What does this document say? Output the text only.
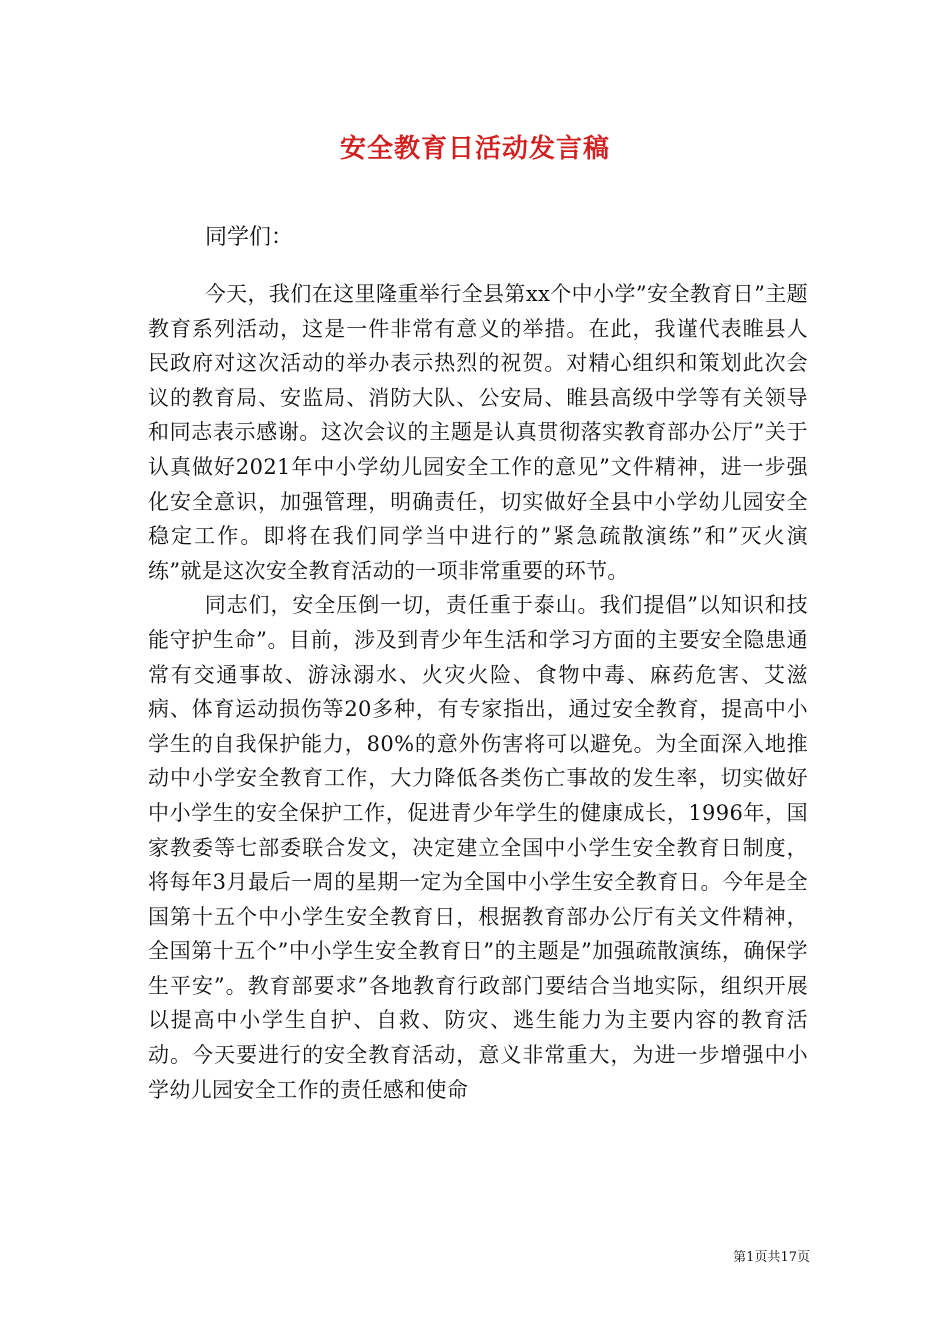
安全教育日活动发言稿
同学们：

今天，我们在这里隆重举行全县第xx个中小学”安全教育日”主题教育系列活动，这是一件非常有意义的举措。在此，我谨代表睢县人民政府对这次活动的举办表示热烈的祝贺。对精心组织和策划此次会议的教育局、安监局、消防大队、公安局、睢县高级中学等有关领导和同志表示感谢。这次会议的主题是认真贯彻落实教育部办公厅”关于认真做好2021年中小学幼儿园安全工作的意见”文件精神，进一步强化安全意识，加强管理，明确责任，切实做好全县中小学幼儿园安全稳定工作。即将在我们同学当中进行的”紧急疏散演练”和”灭火演练”就是这次安全教育活动的一项非常重要的环节。

同志们，安全压倒一切，责任重于泰山。我们提倡”以知识和技能守护生命”。目前，涉及到青少年生活和学习方面的主要安全隐患通常有交通事故、游泳溺水、火灾火险、食物中毒、麻药危害、艾滋病、体育运动损伤等20多种，有专家指出，通过安全教育，提高中小学生的自我保护能力，80%的意外伤害将可以避免。为全面深入地推动中小学安全教育工作，大力降低各类伤亡事故的发生率，切实做好中小学生的安全保护工作，促进青少年学生的健康成长，1996年，国家教委等七部委联合发文，决定建立全国中小学生安全教育日制度，将每年3月最后一周的星期一定为全国中小学生安全教育日。今年是全国第十五个中小学生安全教育日，根据教育部办公厅有关文件精神，全国第十五个”中小学生安全教育日”的主题是”加强疏散演练，确保学生平安”。教育部要求”各地教育行政部门要结合当地实际，组织开展以提高中小学生自护、自救、防灾、逃生能力为主要内容的教育活动。今天要进行的安全教育活动，意义非常重大，为进一步增强中小学幼儿园安全工作的责任感和使命

第1页共17页
